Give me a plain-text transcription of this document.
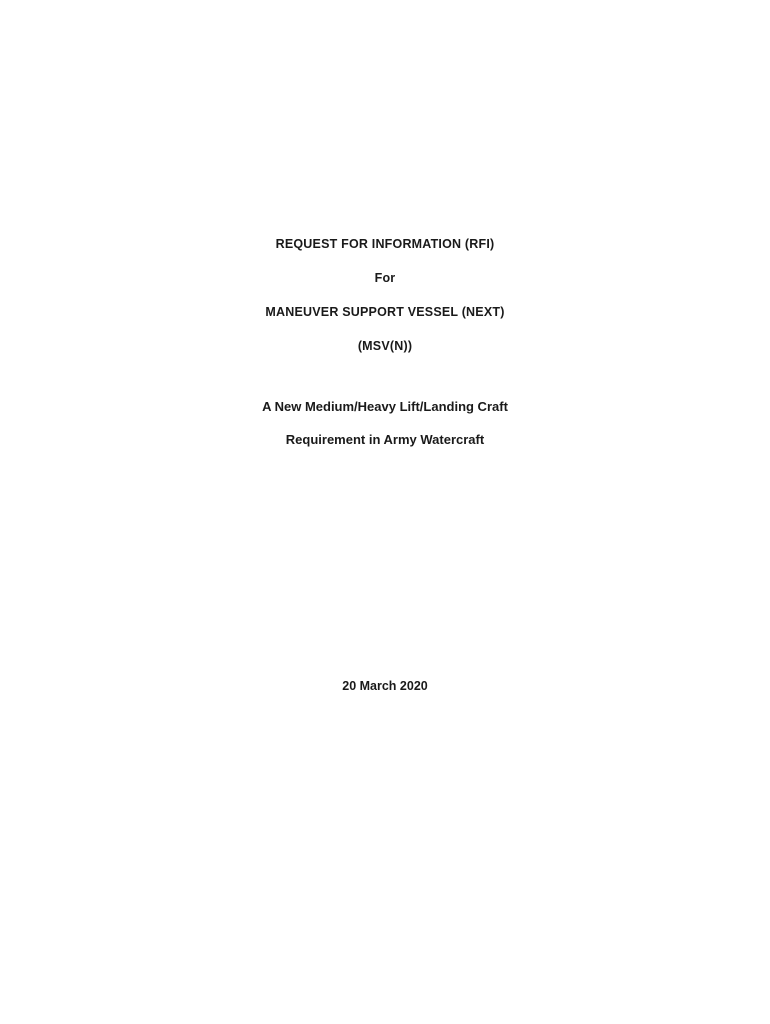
REQUEST FOR INFORMATION (RFI)

For

MANEUVER SUPPORT VESSEL (NEXT)

(MSV(N))

A New Medium/Heavy Lift/Landing Craft

Requirement in Army Watercraft

20 March 2020
